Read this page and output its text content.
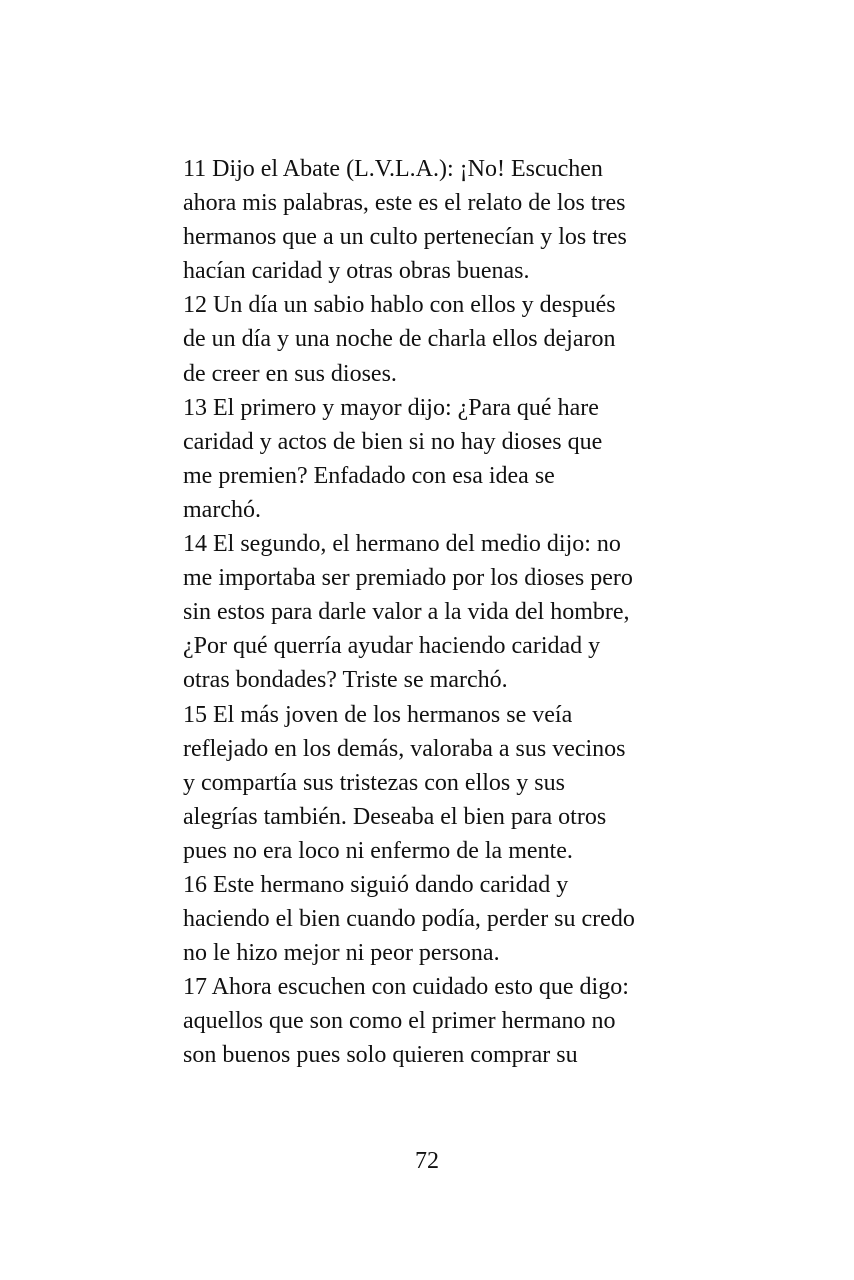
11 Dijo el Abate (L.V.L.A.): ¡No! Escuchen
ahora mis palabras, este es el relato de los tres
hermanos que a un culto pertenecían y los tres
hacían caridad y otras obras buenas.
12 Un día un sabio hablo con ellos y después
de un día y una noche de charla ellos dejaron
de creer en sus dioses.
13 El primero y mayor dijo: ¿Para qué hare
caridad y actos de bien si no hay dioses que
me premien? Enfadado con esa idea se
marchó.
14 El segundo, el hermano del medio dijo: no
me importaba ser premiado por los dioses pero
sin estos para darle valor a la vida del hombre,
¿Por qué querría ayudar haciendo caridad y
otras bondades? Triste se marchó.
15 El más joven de los hermanos se veía
reflejado en los demás, valoraba a sus vecinos
y compartía sus tristezas con ellos y sus
alegrías también. Deseaba el bien para otros
pues no era loco ni enfermo de la mente.
16 Este hermano siguió dando caridad y
haciendo el bien cuando podía, perder su credo
no le hizo mejor ni peor persona.
17 Ahora escuchen con cuidado esto que digo:
aquellos que son como el primer hermano no
son buenos pues solo quieren comprar su
72
